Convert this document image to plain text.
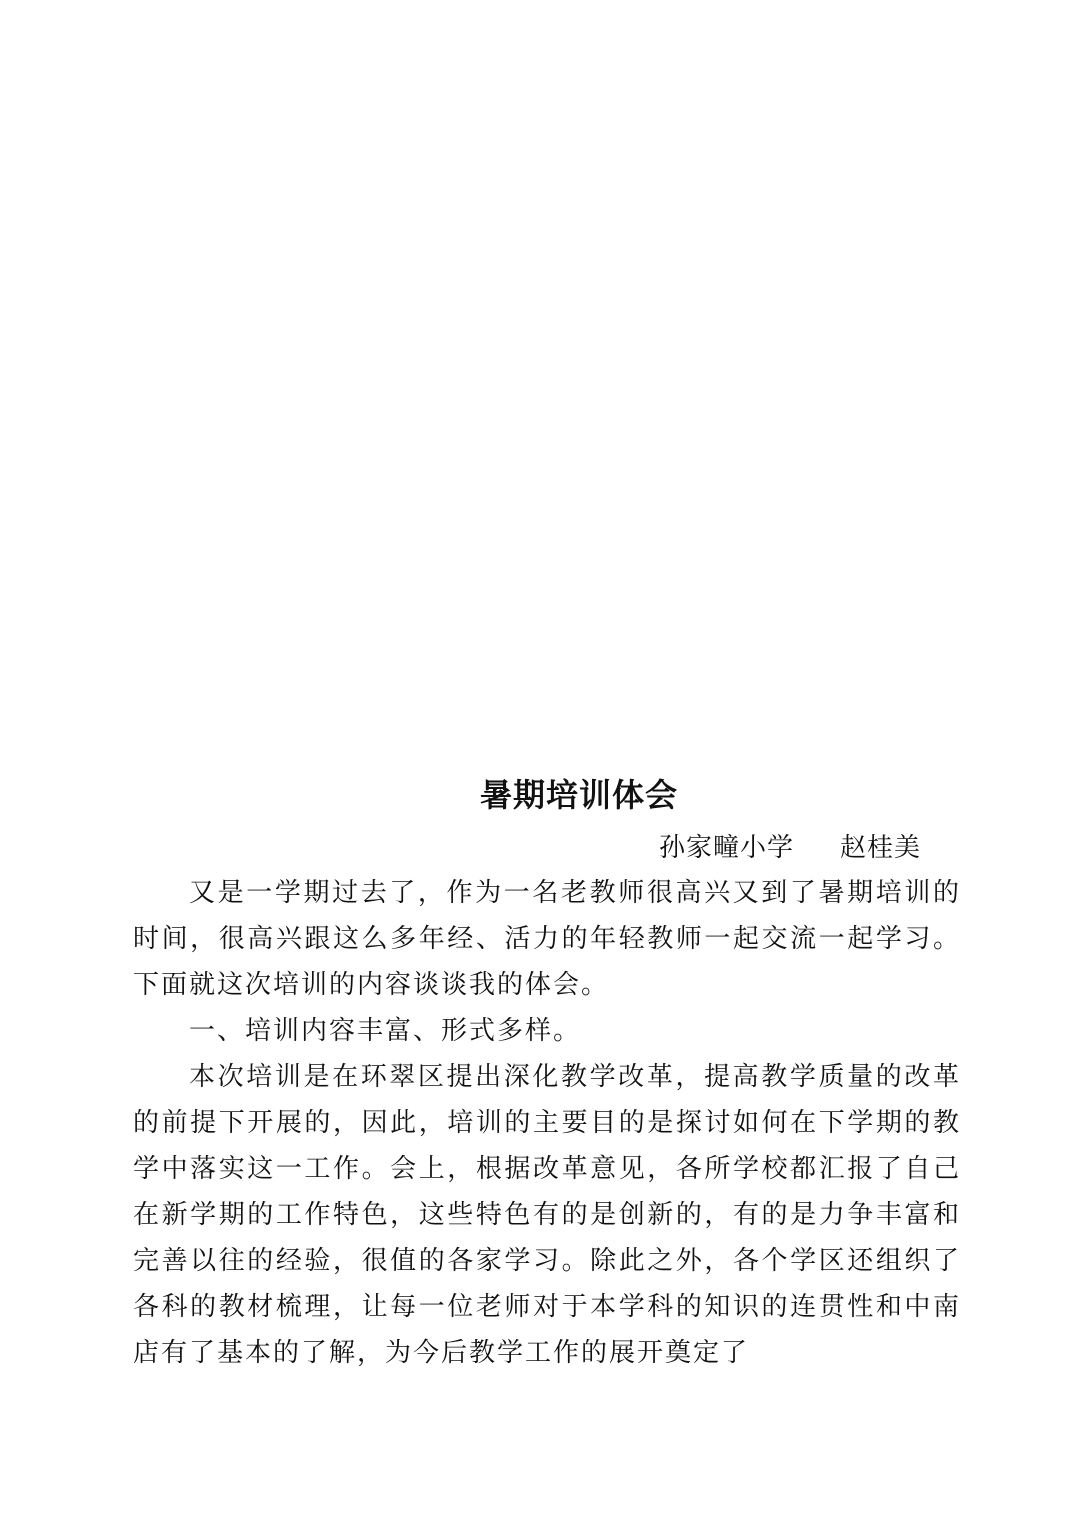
暑期培训体会
孙家疃小学 赵桂美

又是一学期过去了，作为一名老教师很高兴又到了暑期培训的时间，很高兴跟这么多年经、活力的年轻教师一起交流一起学习。下面就这次培训的内容谈谈我的体会。

一、培训内容丰富、形式多样。

本次培训是在环翠区提出深化教学改革，提高教学质量的改革的前提下开展的，因此，培训的主要目的是探讨如何在下学期的教学中落实这一工作。会上，根据改革意见，各所学校都汇报了自己在新学期的工作特色，这些特色有的是创新的，有的是力争丰富和完善以往的经验，很值的各家学习。除此之外，各个学区还组织了各科的教材梳理，让每一位老师对于本学科的知识的连贯性和中南店有了基本的了解，为今后教学工作的展开奠定了
